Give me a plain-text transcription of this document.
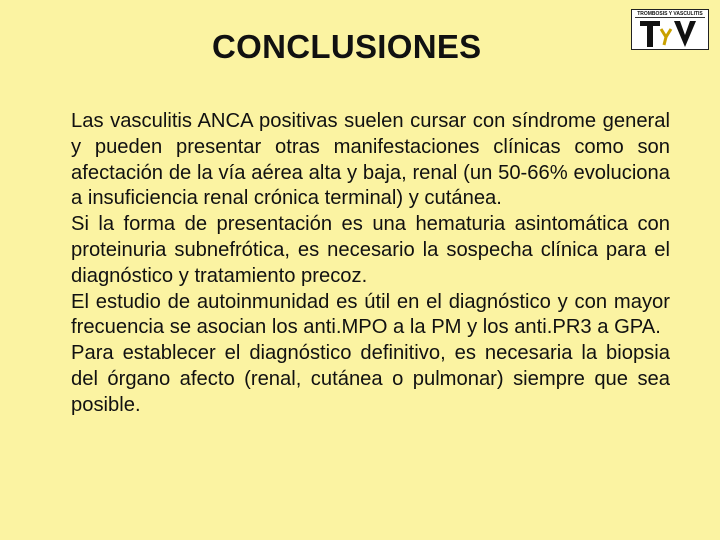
CONCLUSIONES
TROMBOSIS Y VASCULITIS

Las vasculitis ANCA positivas suelen cursar con síndrome general y pueden presentar otras manifestaciones clínicas como son afectación de la vía aérea alta y baja, renal (un 50-66% evoluciona a insuficiencia renal crónica terminal) y cutánea.

Si la forma de presentación es una hematuria asintomática con proteinuria subnefrótica, es necesario la sospecha clínica para el diagnóstico y tratamiento precoz.

El estudio de autoinmunidad es útil en el diagnóstico y con mayor frecuencia se asocian los anti.MPO a la PM y los anti.PR3 a GPA.

Para establecer el diagnóstico definitivo, es necesaria la biopsia del órgano afecto (renal, cutánea o pulmonar) siempre que sea posible.
